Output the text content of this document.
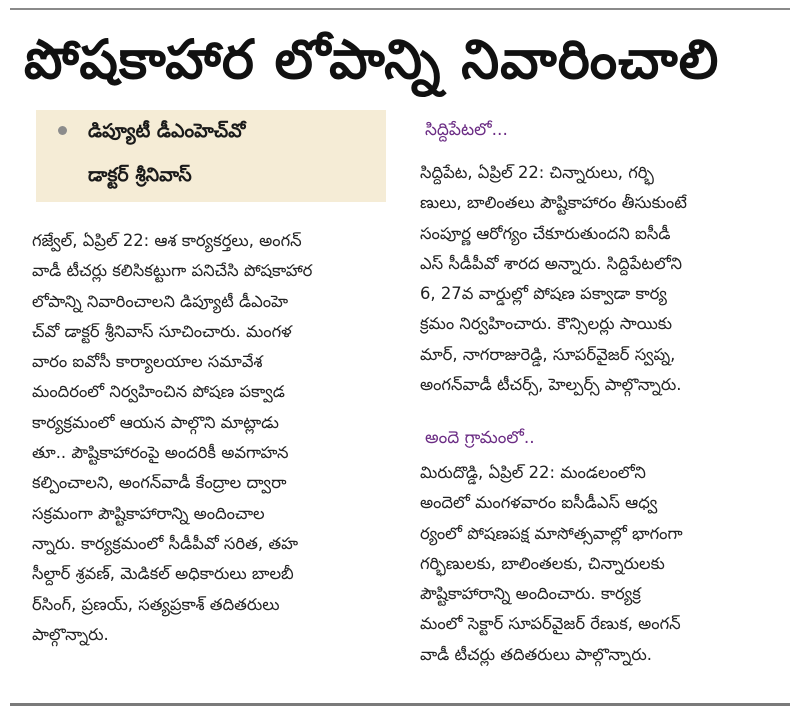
పోషకాహార లోపాన్ని నివారించాలి
డిప్యూటీ డీఎంహెచ్‌వో
డాక్టర్ శ్రీనివాస్
గజ్వేల్, ఏప్రిల్ 22: ఆశ కార్యకర్తలు, అంగన్
వాడీ టీచర్లు కలిసికట్టుగా పనిచేసి పోషకాహార
లోపాన్ని నివారించాలని డిప్యూటీ డీఎంహె
చ్‌వో డాక్టర్ శ్రీనివాస్ సూచించారు. మంగళ
వారం ఐవోసీ కార్యాలయాల సమావేశ
మందిరంలో నిర్వహించిన పోషణ పక్వాడ
కార్యక్రమంలో ఆయన పాల్గొని మాట్లాడు
తూ.. పౌష్టికాహారంపై అందరికీ అవగాహన
కల్పించాలని, అంగన్‌వాడీ కేంద్రాల ద్వారా
సక్రమంగా పౌష్టికాహారాన్ని అందించాల
న్నారు. కార్యక్రమంలో సీడీపీవో సరిత, తహ
సీల్దార్ శ్రవణ్, మెడికల్ అధికారులు బాలబీ
ర్‌సింగ్, ప్రణయ్, సత్యప్రకాశ్ తదితరులు
పాల్గొన్నారు.
సిద్దిపేటలో...
సిద్దిపేట, ఏప్రిల్ 22: చిన్నారులు, గర్భి
ణులు, బాలింతలు పౌష్టికాహారం తీసుకుంటే
సంపూర్ణ ఆరోగ్యం చేకూరుతుందని ఐసీడీ
ఎస్ సీడీపీవో శారద అన్నారు. సిద్దిపేటలోని
6, 27వ వార్డుల్లో పోషణ పక్వాడా కార్య
క్రమం నిర్వహించారు. కౌన్సిలర్లు సాయికు
మార్, నాగరాజురెడ్డి, సూపర్‌వైజర్ స్వప్న,
అంగన్‌వాడీ టీచర్స్, హెల్పర్స్ పాల్గొన్నారు.
అందె గ్రామంలో..
మిరుదొడ్డి, ఏప్రిల్ 22: మండలంలోని
అందెలో మంగళవారం ఐసీడీఎస్ ఆధ్వ
ర్యంలో పోషణపక్ష మాసోత్సవాల్లో భాగంగా
గర్భిణులకు, బాలింతలకు, చిన్నారులకు
పౌష్టికాహారాన్ని అందించారు. కార్యక్ర
మంలో సెక్టార్ సూపర్‌వైజర్ రేణుక, అంగన్
వాడీ టీచర్లు తదితరులు పాల్గొన్నారు.
